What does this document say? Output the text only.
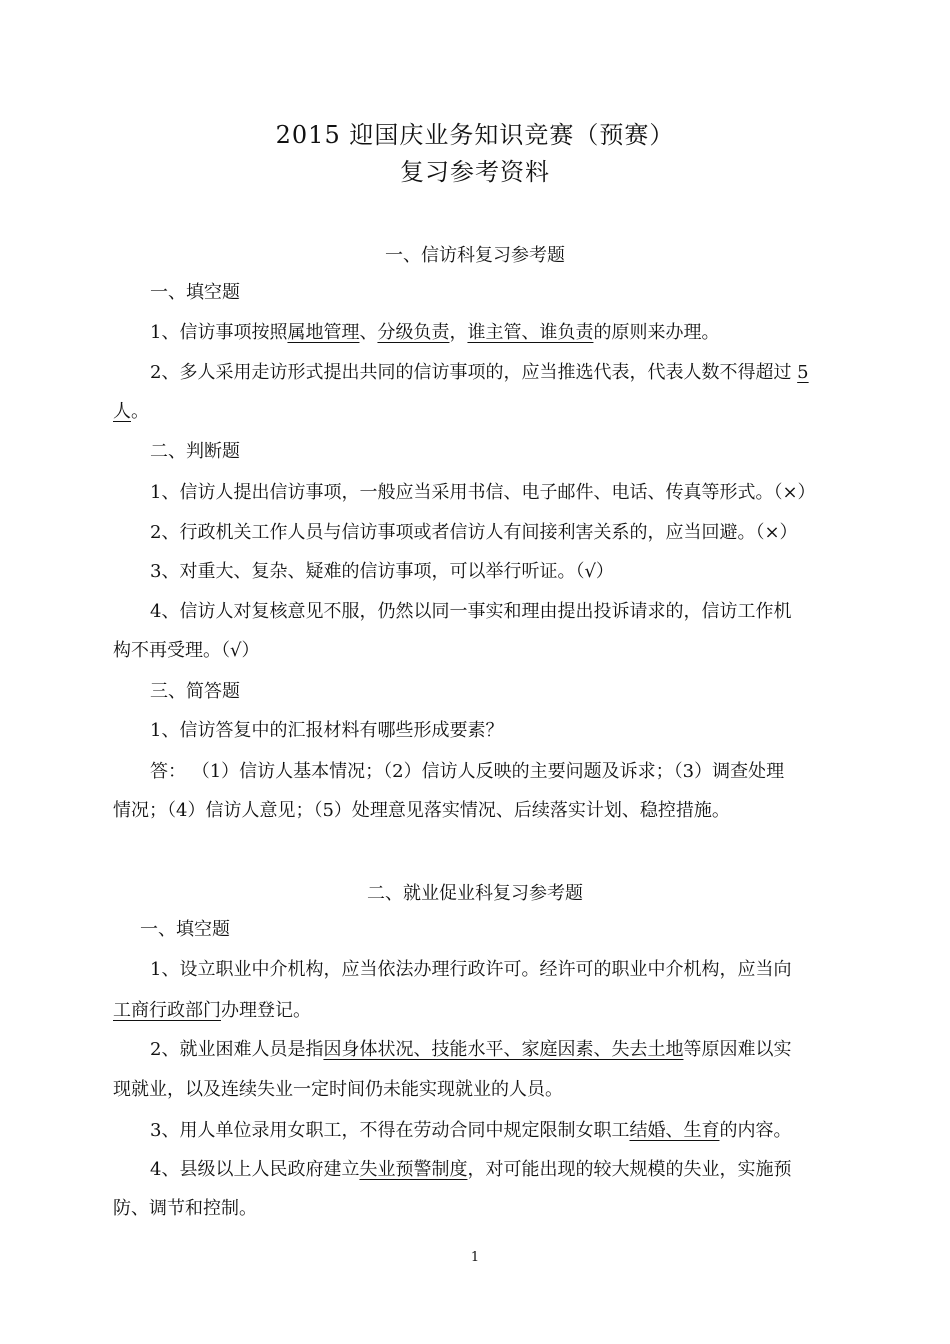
2015 迎国庆业务知识竞赛（预赛）
复习参考资料
一、信访科复习参考题
一、填空题
1、信访事项按照属地管理、分级负责，谁主管、谁负责的原则来办理。
2、多人采用走访形式提出共同的信访事项的，应当推选代表，代表人数不得超过 5
人。
二、判断题
1、信访人提出信访事项，一般应当采用书信、电子邮件、电话、传真等形式。（×）
2、行政机关工作人员与信访事项或者信访人有间接利害关系的，应当回避。（×）
3、对重大、复杂、疑难的信访事项，可以举行听证。（√）
4、信访人对复核意见不服，仍然以同一事实和理由提出投诉请求的，信访工作机
构不再受理。（√）
三、简答题
1、信访答复中的汇报材料有哪些形成要素？
答： （1）信访人基本情况；（2）信访人反映的主要问题及诉求；（3）调查处理
情况；（4）信访人意见；（5）处理意见落实情况、后续落实计划、稳控措施。
二、就业促业科复习参考题
一、填空题
1、设立职业中介机构，应当依法办理行政许可。经许可的职业中介机构，应当向
工商行政部门办理登记。
2、就业困难人员是指因身体状况、技能水平、家庭因素、失去土地等原因难以实
现就业，以及连续失业一定时间仍未能实现就业的人员。
3、用人单位录用女职工，不得在劳动合同中规定限制女职工结婚、生育的内容。
4、县级以上人民政府建立失业预警制度，对可能出现的较大规模的失业，实施预
防、调节和控制。
1
